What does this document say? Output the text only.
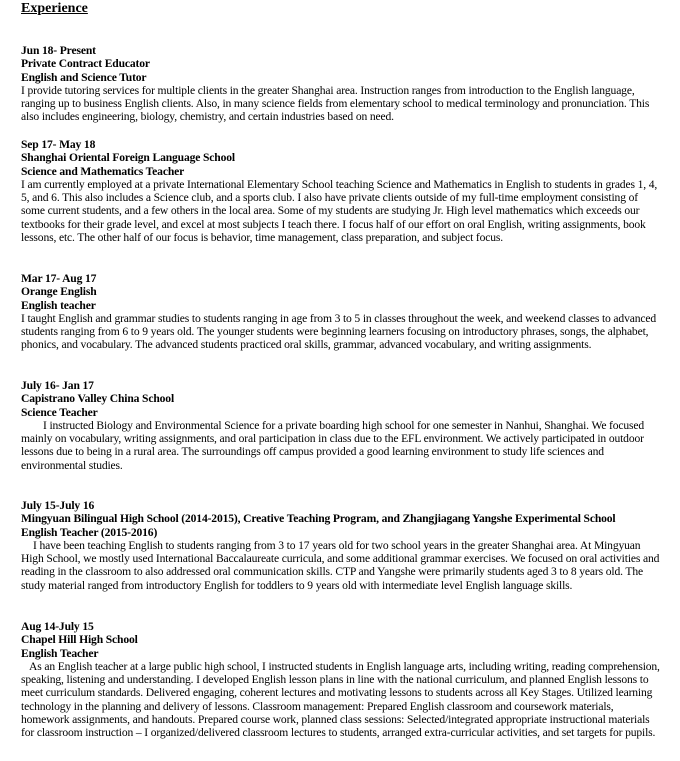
Experience
Jun 18- Present
Private Contract Educator
English and Science Tutor
I provide tutoring services for multiple clients in the greater Shanghai area. Instruction ranges from introduction to the English language, ranging up to business English clients. Also, in many science fields from elementary school to medical terminology and pronunciation. This also includes engineering, biology, chemistry, and certain industries based on need.
Sep 17- May 18
Shanghai Oriental Foreign Language School
Science and Mathematics Teacher
I am currently employed at a private International Elementary School teaching Science and Mathematics in English to students in grades 1, 4, 5, and 6. This also includes a Science club, and a sports club. I also have private clients outside of my full-time employment consisting of some current students, and a few others in the local area. Some of my students are studying Jr. High level mathematics which exceeds our textbooks for their grade level, and excel at most subjects I teach there. I focus half of our effort on oral English, writing assignments, book lessons, etc. The other half of our focus is behavior, time management, class preparation, and subject focus.
Mar 17- Aug 17
Orange English
English teacher
I taught English and grammar studies to students ranging in age from 3 to 5 in classes throughout the week, and weekend classes to advanced students ranging from 6 to 9 years old. The younger students were beginning learners focusing on introductory phrases, songs, the alphabet, phonics, and vocabulary. The advanced students practiced oral skills, grammar, advanced vocabulary, and writing assignments.
July 16- Jan 17
Capistrano Valley China School
Science Teacher
I instructed Biology and Environmental Science for a private boarding high school for one semester in Nanhui, Shanghai. We focused mainly on vocabulary, writing assignments, and oral participation in class due to the EFL environment. We actively participated in outdoor lessons due to being in a rural area. The surroundings off campus provided a good learning environment to study life sciences and environmental studies.
July 15-July 16
Mingyuan Bilingual High School (2014-2015), Creative Teaching Program, and Zhangjiagang Yangshe Experimental School
English Teacher (2015-2016)
I have been teaching English to students ranging from 3 to 17 years old for two school years in the greater Shanghai area. At Mingyuan High School, we mostly used International Baccalaureate curricula, and some additional grammar exercises. We focused on oral activities and reading in the classroom to also addressed oral communication skills. CTP and Yangshe were primarily students aged 3 to 8 years old. The study material ranged from introductory English for toddlers to 9 years old with intermediate level English language skills.
Aug 14-July 15
Chapel Hill High School
English Teacher
As an English teacher at a large public high school, I instructed students in English language arts, including writing, reading comprehension, speaking, listening and understanding. I developed English lesson plans in line with the national curriculum, and planned English lessons to meet curriculum standards. Delivered engaging, coherent lectures and motivating lessons to students across all Key Stages. Utilized learning technology in the planning and delivery of lessons. Classroom management: Prepared English classroom and coursework materials, homework assignments, and handouts. Prepared course work, planned class sessions: Selected/integrated appropriate instructional materials for classroom instruction – I organized/delivered classroom lectures to students, arranged extra-curricular activities, and set targets for pupils.
